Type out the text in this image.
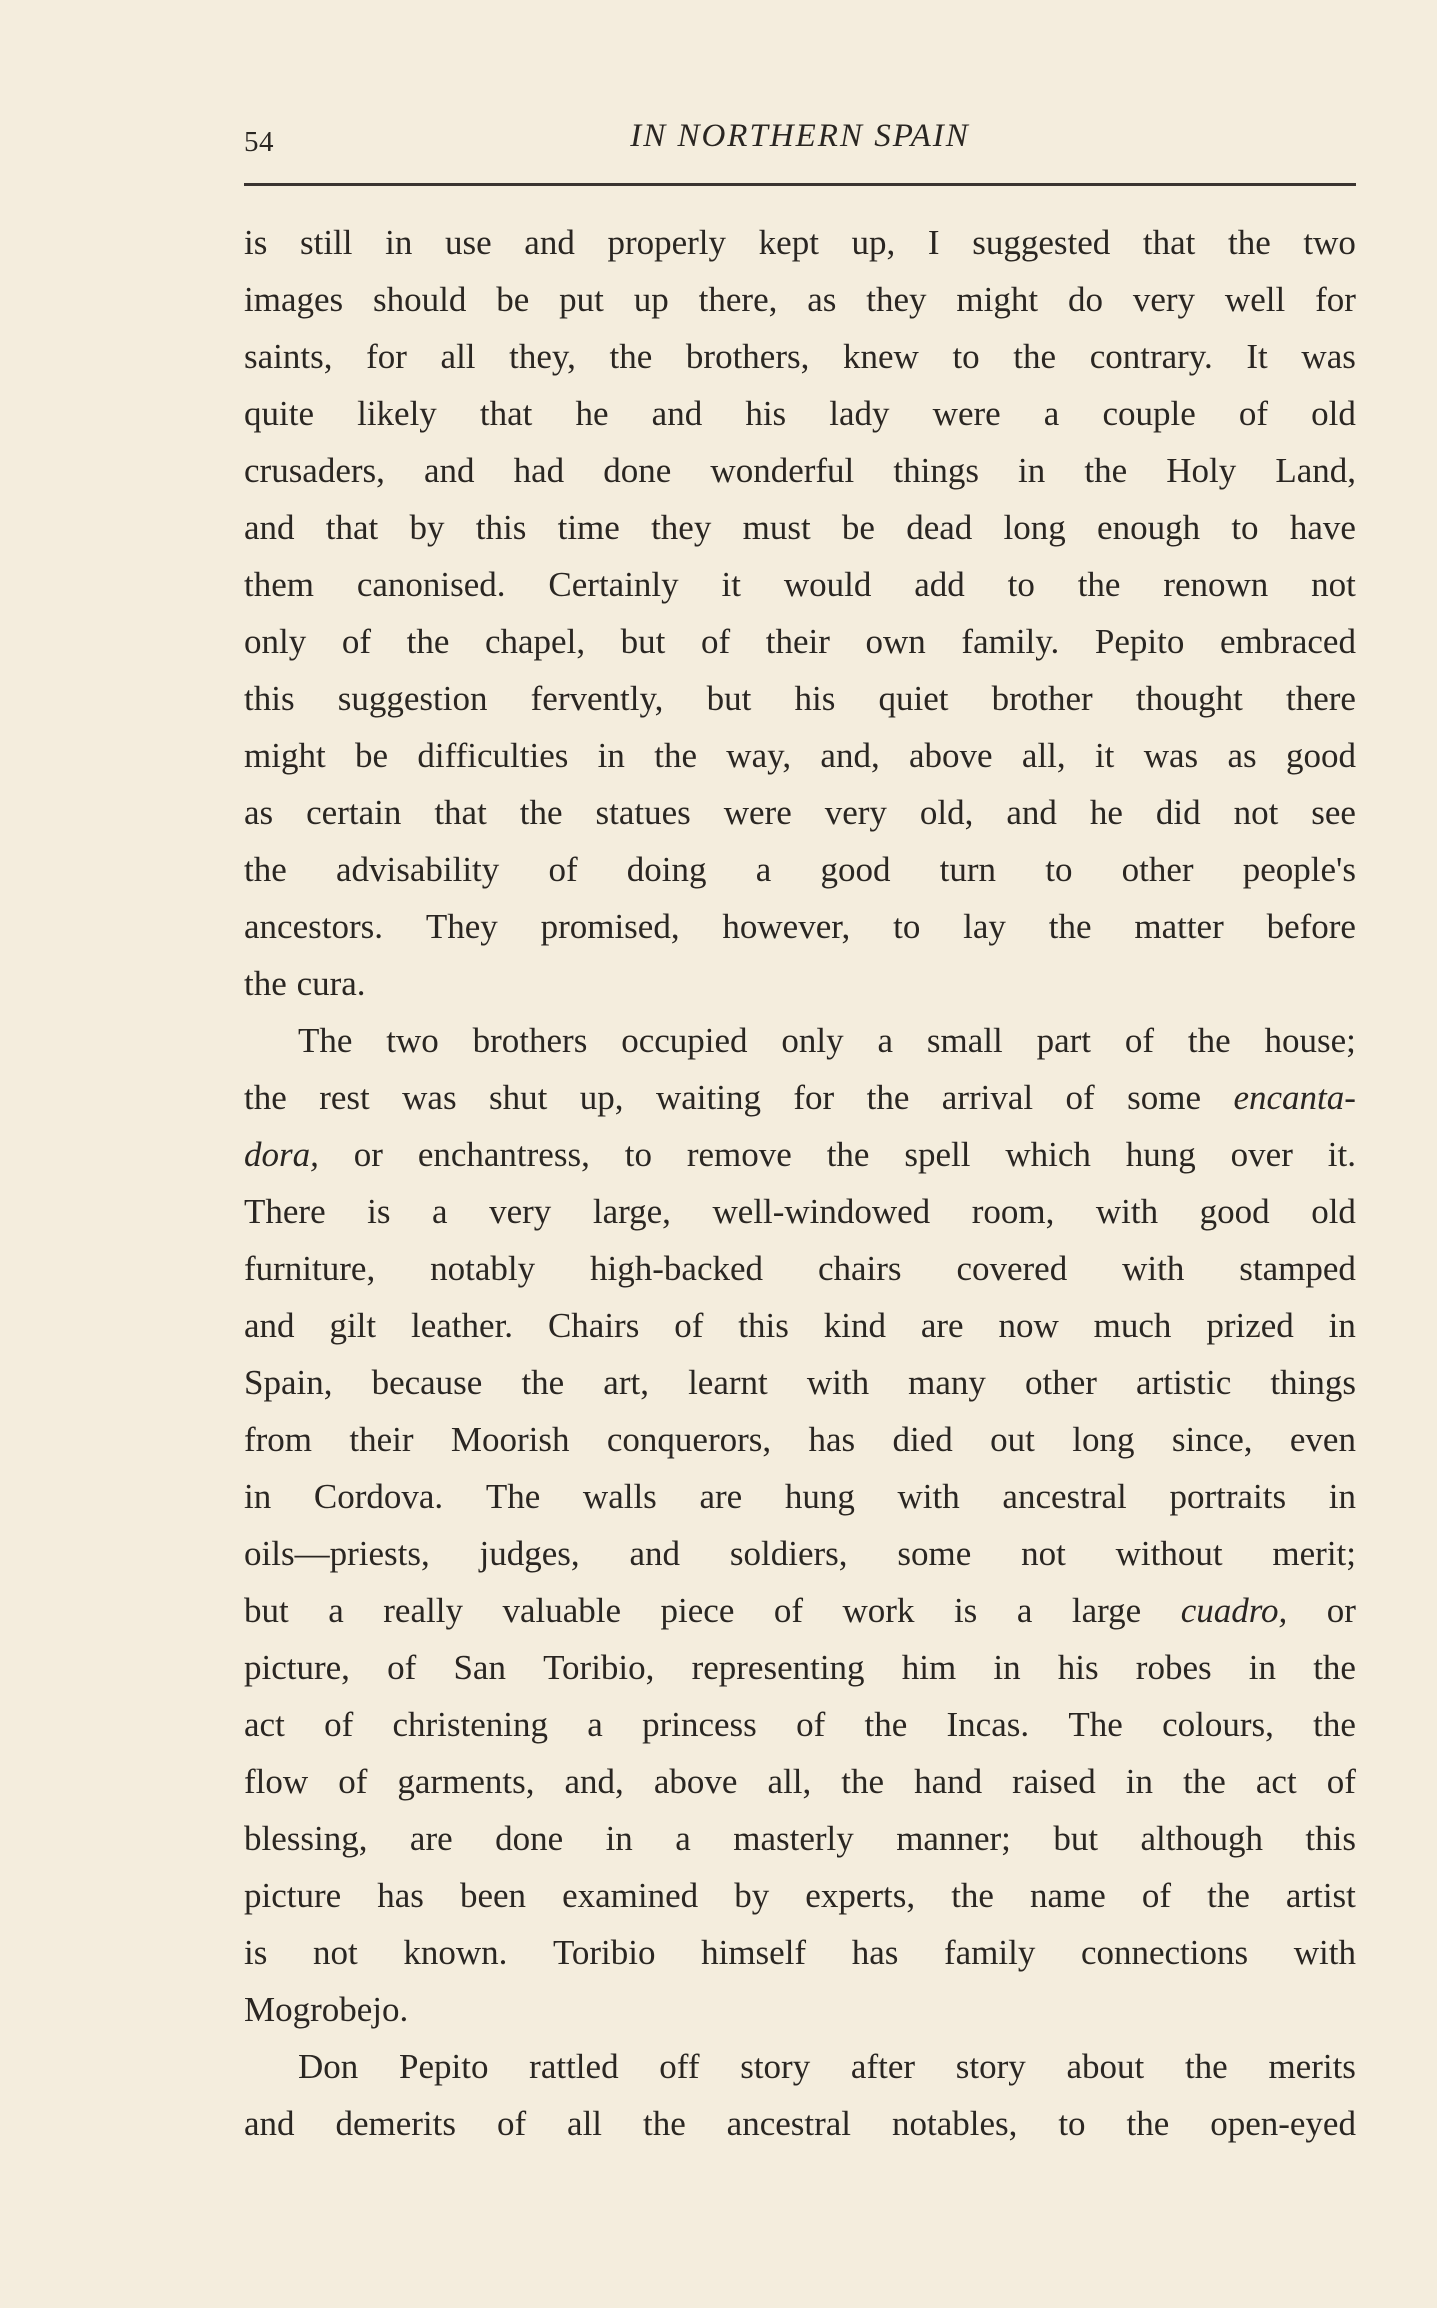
54	IN NORTHERN SPAIN
is still in use and properly kept up, I suggested that the two
images should be put up there, as they might do very well for
saints, for all they, the brothers, knew to the contrary. It was
quite likely that he and his lady were a couple of old
crusaders, and had done wonderful things in the Holy Land,
and that by this time they must be dead long enough to have
them canonised. Certainly it would add to the renown not
only of the chapel, but of their own family. Pepito embraced
this suggestion fervently, but his quiet brother thought there
might be difficulties in the way, and, above all, it was as good
as certain that the statues were very old, and he did not see
the advisability of doing a good turn to other people's
ancestors. They promised, however, to lay the matter before
the cura.
The two brothers occupied only a small part of the house;
the rest was shut up, waiting for the arrival of some encanta-
dora, or enchantress, to remove the spell which hung over it.
There is a very large, well-windowed room, with good old
furniture, notably high-backed chairs covered with stamped
and gilt leather. Chairs of this kind are now much prized in
Spain, because the art, learnt with many other artistic things
from their Moorish conquerors, has died out long since, even
in Cordova. The walls are hung with ancestral portraits in
oils—priests, judges, and soldiers, some not without merit;
but a really valuable piece of work is a large cuadro, or
picture, of San Toribio, representing him in his robes in the
act of christening a princess of the Incas. The colours, the
flow of garments, and, above all, the hand raised in the act of
blessing, are done in a masterly manner; but although this
picture has been examined by experts, the name of the artist
is not known. Toribio himself has family connections with
Mogrobejo.
Don Pepito rattled off story after story about the merits
and demerits of all the ancestral notables, to the open-eyed
